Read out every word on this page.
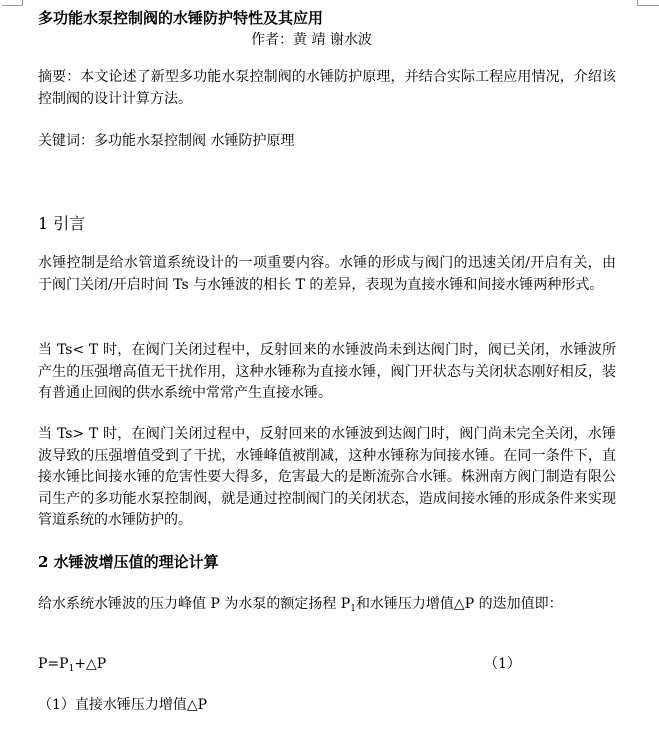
多功能水泵控制阀的水锤防护特性及其应用
作者：黄 靖 谢水波

摘要：本文论述了新型多功能水泵控制阀的水锤防护原理，并结合实际工程应用情况，介绍该控制阀的设计计算方法。

关键词：多功能水泵控制阀 水锤防护原理

1 引言

水锤控制是给水管道系统设计的一项重要内容。水锤的形成与阀门的迅速关闭/开启有关，由于阀门关闭/开启时间 Ts 与水锤波的相长 T 的差异，表现为直接水锤和间接水锤两种形式。

当 Ts< T 时，在阀门关闭过程中，反射回来的水锤波尚未到达阀门时，阀已关闭，水锤波所产生的压强增高值无干扰作用，这种水锤称为直接水锤，阀门开状态与关闭状态刚好相反，装有普通止回阀的供水系统中常常产生直接水锤。

当 Ts> T 时，在阀门关闭过程中，反射回来的水锤波到达阀门时，阀门尚未完全关闭，水锤波导致的压强增值受到了干扰，水锤峰值被削减，这种水锤称为间接水锤。在同一条件下，直接水锤比间接水锤的危害性要大得多，危害最大的是断流弥合水锤。株洲南方阀门制造有限公司生产的多功能水泵控制阀，就是通过控制阀门的关闭状态，造成间接水锤的形成条件来实现管道系统的水锤防护的。

2 水锤波增压值的理论计算

给水系统水锤波的压力峰值 P 为水泵的额定扬程 $P_1$和水锤压力增值△P 的迭加值即：

$P=P_1+\triangle P$	（1）
（1）直接水锤压力增值△P
